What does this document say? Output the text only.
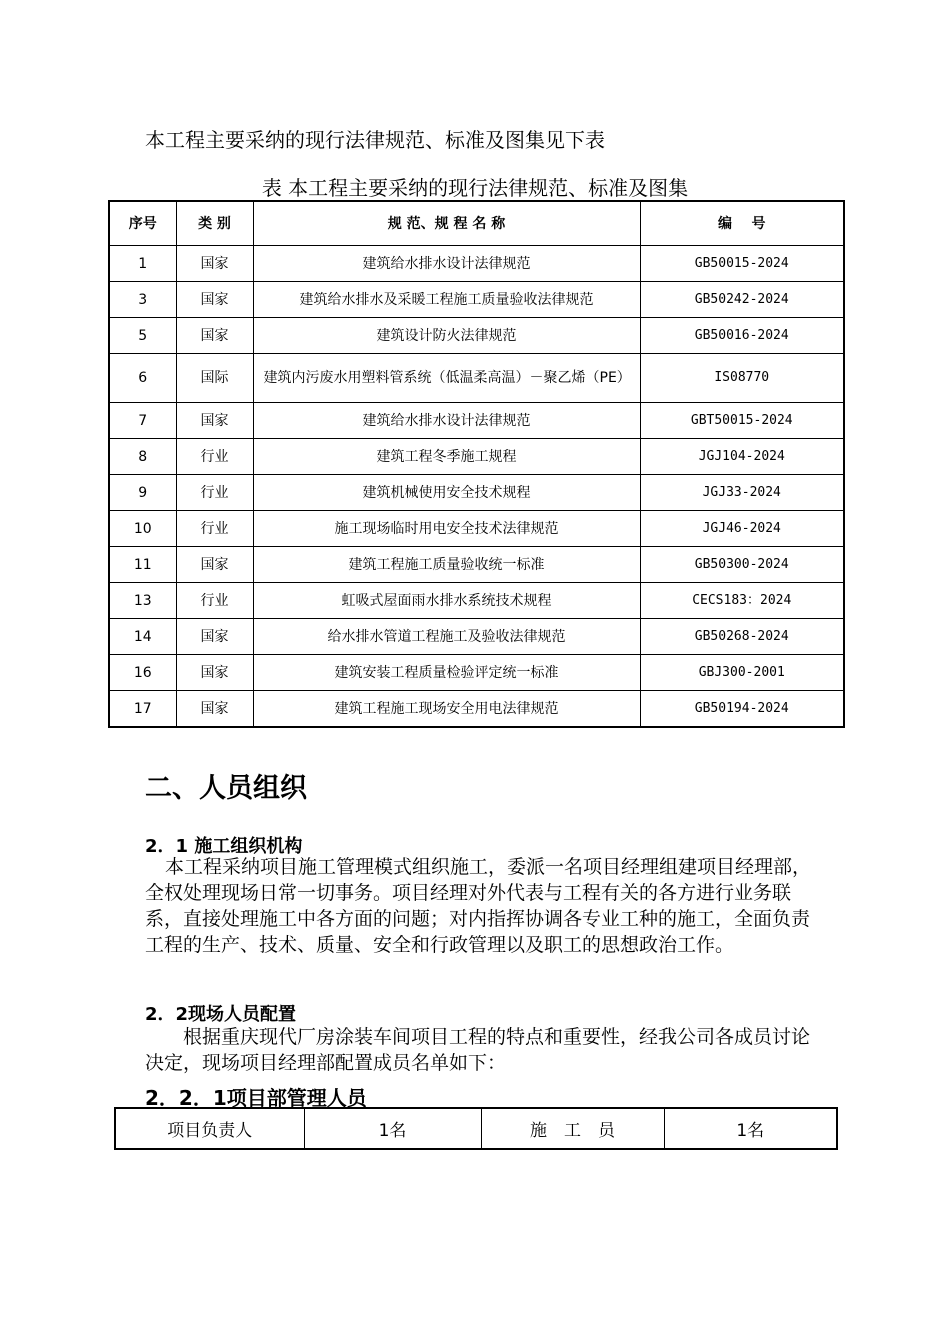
本工程主要采纳的现行法律规范、标准及图集见下表
表 本工程主要采纳的现行法律规范、标准及图集
序号	类 别	规 范、规 程 名 称	编    号
1	国家	建筑给水排水设计法律规范	GB50015-2024
3	国家	建筑给水排水及采暖工程施工质量验收法律规范	GB50242-2024
5	国家	建筑设计防火法律规范	GB50016-2024
6	国际	建筑内污废水用塑料管系统（低温柔高温）－聚乙烯（PE）	IS08770
7	国家	建筑给水排水设计法律规范	GBT50015-2024
8	行业	建筑工程冬季施工规程	JGJ104-2024
9	行业	建筑机械使用安全技术规程	JGJ33-2024
10	行业	施工现场临时用电安全技术法律规范	JGJ46-2024
11	国家	建筑工程施工质量验收统一标准	GB50300-2024
13	行业	虹吸式屋面雨水排水系统技术规程	CECS183：2024
14	国家	给水排水管道工程施工及验收法律规范	GB50268-2024
16	国家	建筑安装工程质量检验评定统一标准	GBJ300-2001
17	国家	建筑工程施工现场安全用电法律规范	GB50194-2024
二、人员组织
2．1 施工组织机构
本工程采纳项目施工管理模式组织施工，委派一名项目经理组建项目经理部，全权处理现场日常一切事务。项目经理对外代表与工程有关的各方进行业务联系，直接处理施工中各方面的问题；对内指挥协调各专业工种的施工，全面负责工程的生产、技术、质量、安全和行政管理以及职工的思想政治工作。
2．2现场人员配置
根据重庆现代厂房涂装车间项目工程的特点和重要性，经我公司各成员讨论决定，现场项目经理部配置成员名单如下：
2．2．1项目部管理人员
项目负责人	1名	施　工　员	1名
